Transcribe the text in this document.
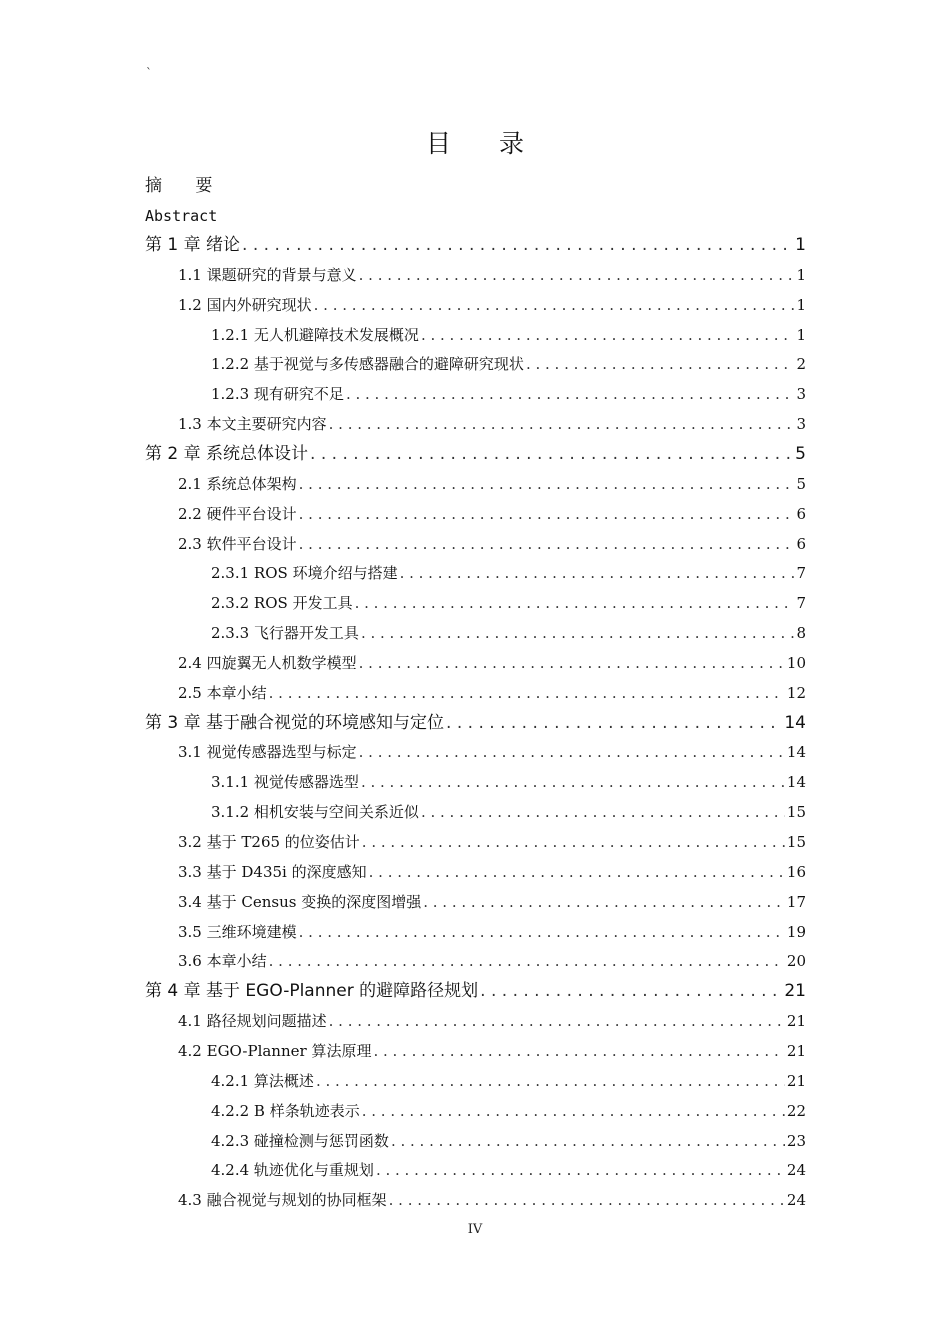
`
目 录
摘 要
Abstract
第 1 章 绪论 . . .	1
1.1 课题研究的背景与意义 . . .	1
1.2 国内外研究现状 . . .	1
1.2.1 无人机避障技术发展概况 . . .	1
1.2.2 基于视觉与多传感器融合的避障研究现状 . . .	2
1.2.3 现有研究不足 . . .	3
1.3 本文主要研究内容 . . .	3
第 2 章 系统总体设计 . . .	5
2.1 系统总体架构 . . .	5
2.2 硬件平台设计 . . .	6
2.3 软件平台设计 . . .	6
2.3.1 ROS 环境介绍与搭建 . . .	7
2.3.2 ROS 开发工具 . . .	7
2.3.3 飞行器开发工具 . . .	8
2.4 四旋翼无人机数学模型 . . .	10
2.5 本章小结 . . .	12
第 3 章 基于融合视觉的环境感知与定位 . . .	14
3.1 视觉传感器选型与标定 . . .	14
3.1.1 视觉传感器选型 . . .	14
3.1.2 相机安装与空间关系近似 . . .	15
3.2 基于 T265 的位姿估计 . . .	15
3.3 基于 D435i 的深度感知 . . .	16
3.4 基于 Census 变换的深度图增强 . . .	17
3.5 三维环境建模 . . .	19
3.6 本章小结 . . .	20
第 4 章 基于 EGO-Planner 的避障路径规划 . . .	21
4.1 路径规划问题描述 . . .	21
4.2 EGO-Planner 算法原理 . . .	21
4.2.1 算法概述 . . .	21
4.2.2 B 样条轨迹表示 . . .	22
4.2.3 碰撞检测与惩罚函数 . . .	23
4.2.4 轨迹优化与重规划 . . .	24
4.3 融合视觉与规划的协同框架 . . .	24
IV
